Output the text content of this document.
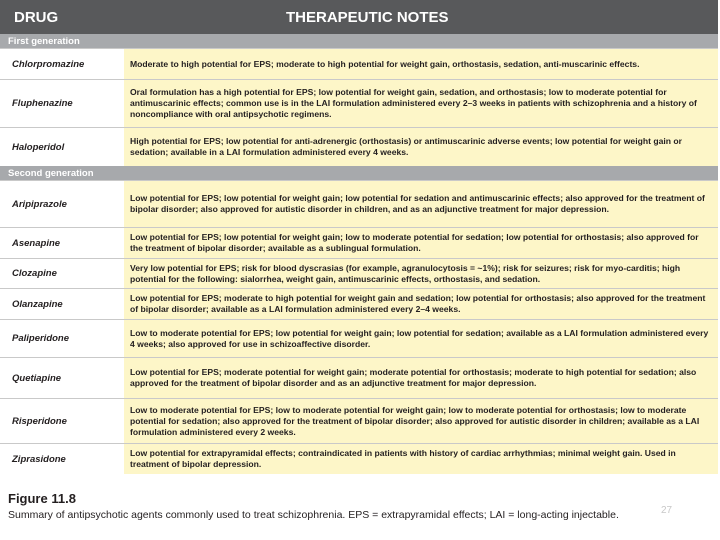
DRUG	THERAPEUTIC NOTES
First generation
Chlorpromazine	Moderate to high potential for EPS; moderate to high potential for weight gain, orthostasis, sedation, anti-muscarinic effects.
Fluphenazine
Oral formulation has a high potential for EPS; low potential for weight gain, sedation, and orthostasis; low to moderate potential for antimuscarinic effects; common use is in the LAI formulation administered every 2–3 weeks in patients with schizophrenia and a history of noncompliance with oral antipsychotic regimens.
Haloperidol
High potential for EPS; low potential for anti-adrenergic (orthostasis) or antimuscarinic adverse events; low potential for weight gain or sedation; available in a LAI formulation administered every 4 weeks.
Second generation
Aripiprazole
Low potential for EPS; low potential for weight gain; low potential for sedation and antimuscarinic effects; also approved for the treatment of bipolar disorder; also approved for autistic disorder in children, and as an adjunctive treatment for major depression.
Asenapine
Low potential for EPS; low potential for weight gain; low to moderate potential for sedation; low potential for orthostasis; also approved for the treatment of bipolar disorder; available as a sublingual formulation.
Clozapine
Very low potential for EPS; risk for blood dyscrasias (for example, agranulocytosis = ~1%); risk for seizures; risk for myo-carditis; high potential for the following: sialorrhea, weight gain, antimuscarinic effects, orthostasis, and sedation.
Olanzapine
Low potential for EPS; moderate to high potential for weight gain and sedation; low potential for orthostasis; also approved for the treatment of bipolar disorder; available as a LAI formulation administered every 2–4 weeks.
Paliperidone
Low to moderate potential for EPS; low potential for weight gain; low potential for sedation; available as a LAI formulation administered every 4 weeks; also approved for use in schizoaffective disorder.
Quetiapine
Low potential for EPS; moderate potential for weight gain; moderate potential for orthostasis; moderate to high potential for sedation; also approved for the treatment of bipolar disorder and as an adjunctive treatment for major depression.
Risperidone
Low to moderate potential for EPS; low to moderate potential for weight gain; low to moderate potential for orthostasis; low to moderate potential for sedation; also approved for the treatment of bipolar disorder; also approved for autistic disorder in children; available as a LAI formulation administered every 2 weeks.
Ziprasidone
Low potential for extrapyramidal effects; contraindicated in patients with history of cardiac arrhythmias; minimal weight gain. Used in treatment of bipolar depression.
Figure 11.8
27
Summary of antipsychotic agents commonly used to treat schizophrenia. EPS = extrapyramidal effects; LAI = long-acting injectable.
